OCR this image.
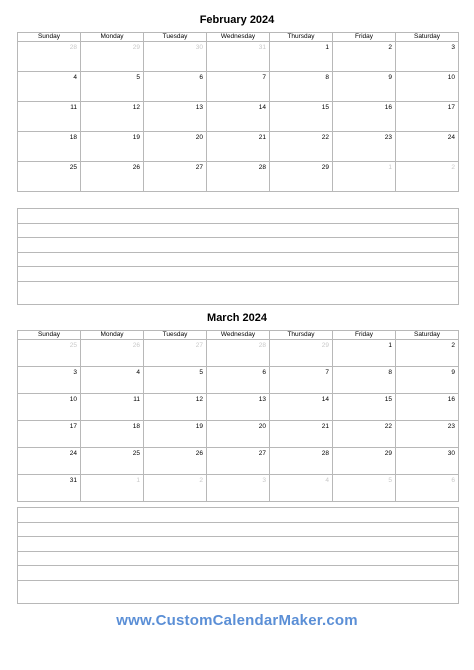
February 2024
Sunday	Monday	Tuesday	Wednesday	Thursday	Friday	Saturday
28	29	30	31	1	2	3
4	5	6	7	8	9	10
11	12	13	14	15	16	17
18	19	20	21	22	23	24
25	26	27	28	29	1	2
March 2024
Sunday	Monday	Tuesday	Wednesday	Thursday	Friday	Saturday
25	26	27	28	29	1	2
3	4	5	6	7	8	9
10	11	12	13	14	15	16
17	18	19	20	21	22	23
24	25	26	27	28	29	30
31	1	2	3	4	5	6
www.CustomCalendarMaker.com
